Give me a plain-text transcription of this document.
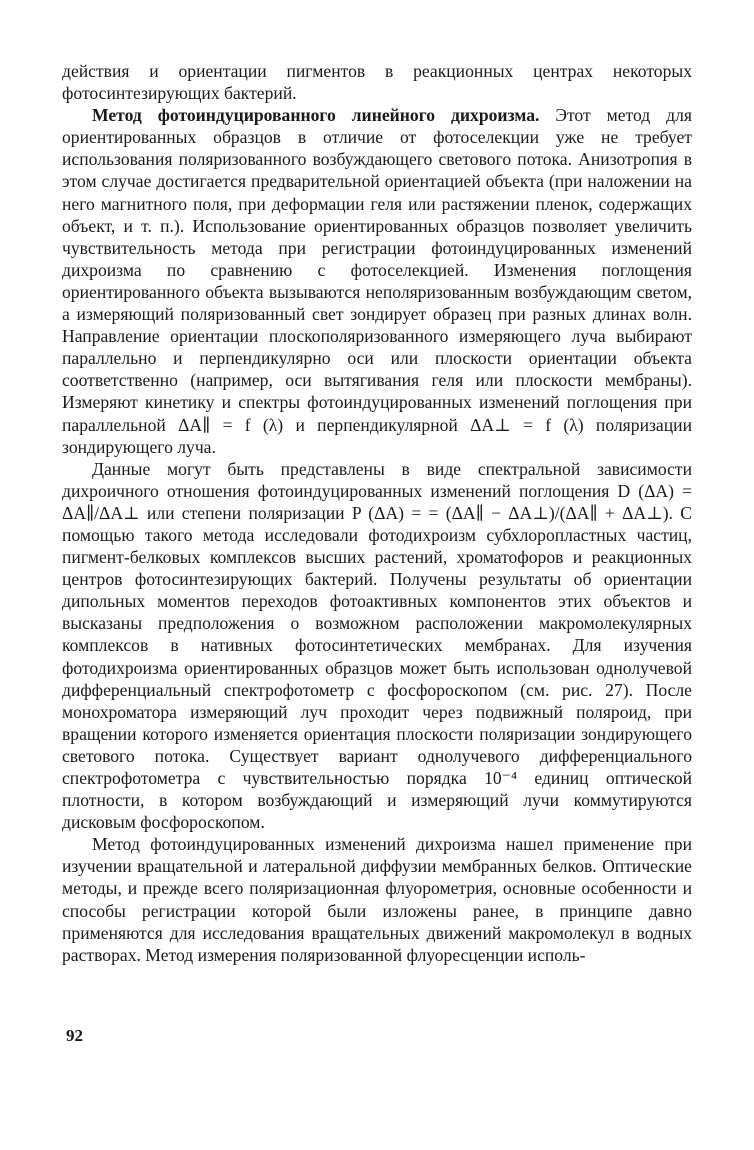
действия и ориентации пигментов в реакционных центрах некоторых фотосинтезирующих бактерий.

Метод фотоиндуцированного линейного дихроизма. Этот метод для ориентированных образцов в отличие от фотоселекции уже не требует использования поляризованного возбуждающего светового потока. Анизотропия в этом случае достигается предварительной ориентацией объекта (при наложении на него магнитного поля, при деформации геля или растяжении пленок, содержащих объект, и т. п.). Использование ориентированных образцов позволяет увеличить чувствительность метода при регистрации фотоиндуцированных изменений дихроизма по сравнению с фотоселекцией. Изменения поглощения ориентированного объекта вызываются неполяризованным возбуждающим светом, а измеряющий поляризованный свет зондирует образец при разных длинах волн. Направление ориентации плоскополяризованного измеряющего луча выбирают параллельно и перпендикулярно оси или плоскости ориентации объекта соответственно (например, оси вытягивания геля или плоскости мембраны). Измеряют кинетику и спектры фотоиндуцированных изменений поглощения при параллельной ΔA∥ = f (λ) и перпендикулярной ΔA⊥ = f (λ) поляризации зондирующего луча.

Данные могут быть представлены в виде спектральной зависимости дихроичного отношения фотоиндуцированных изменений поглощения D (ΔA) = ΔA∥/ΔA⊥ или степени поляризации P (ΔA) = = (ΔA∥ − ΔA⊥)/(ΔA∥ + ΔA⊥). С помощью такого метода исследовали фотодихроизм субхлоропластных частиц, пигмент-белковых комплексов высших растений, хроматофоров и реакционных центров фотосинтезирующих бактерий. Получены результаты об ориентации дипольных моментов переходов фотоактивных компонентов этих объектов и высказаны предположения о возможном расположении макромолекулярных комплексов в нативных фотосинтетических мембранах. Для изучения фотодихроизма ориентированных образцов может быть использован однолучевой дифференциальный спектрофотометр с фосфороскопом (см. рис. 27). После монохроматора измеряющий луч проходит через подвижный поляроид, при вращении которого изменяется ориентация плоскости поляризации зондирующего светового потока. Существует вариант однолучевого дифференциального спектрофотометра с чувствительностью порядка 10⁻⁴ единиц оптической плотности, в котором возбуждающий и измеряющий лучи коммутируются дисковым фосфороскопом.

Метод фотоиндуцированных изменений дихроизма нашел применение при изучении вращательной и латеральной диффузии мембранных белков. Оптические методы, и прежде всего поляризационная флуорометрия, основные особенности и способы регистрации которой были изложены ранее, в принципе давно применяются для исследования вращательных движений макромолекул в водных растворах. Метод измерения поляризованной флуоресценции исполь-

92
